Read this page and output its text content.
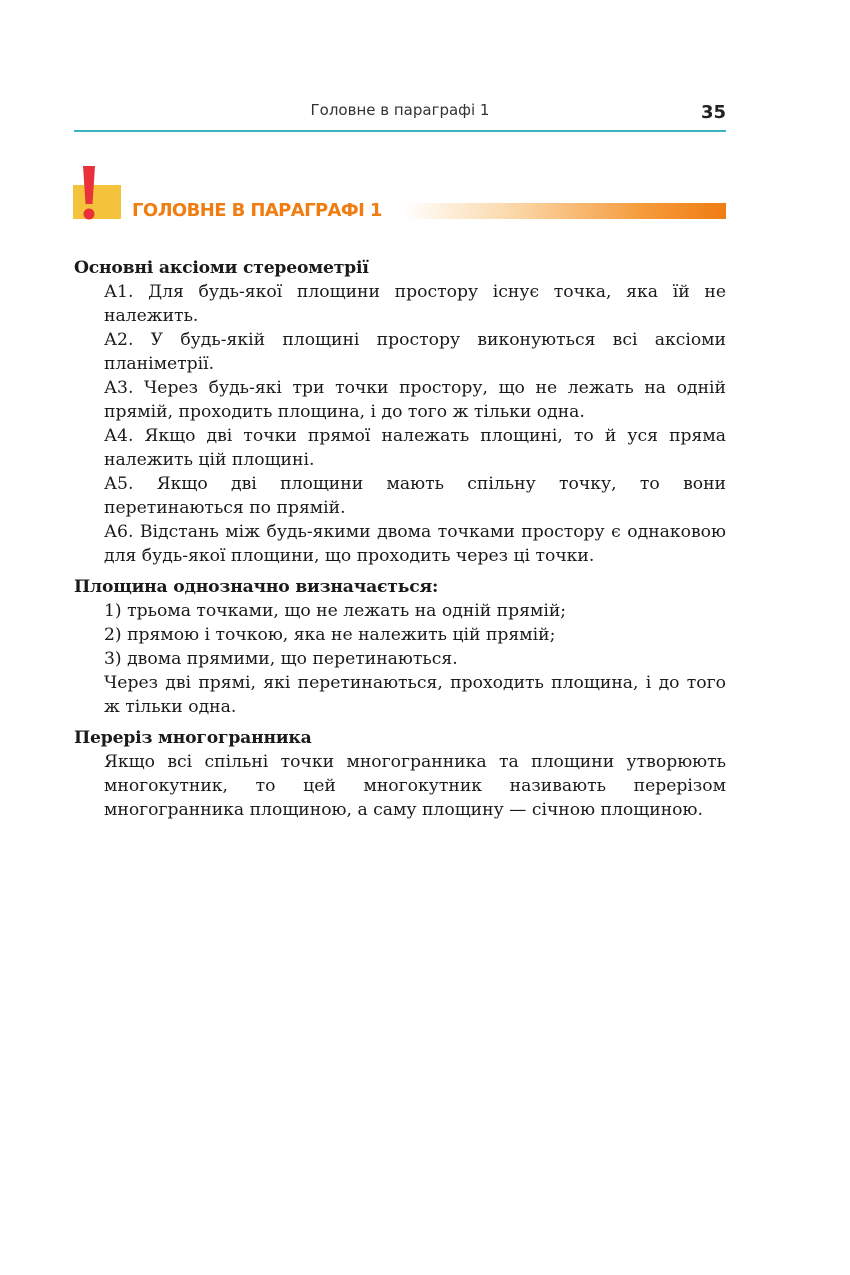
Головне в параграфі 1	35
ГОЛОВНЕ В ПАРАГРАФІ 1
Основні аксіоми стереометрії
А1. Для будь-якої площини простору існує точка, яка їй не належить.
А2. У будь-якій площині простору виконуються всі аксіоми планіметрії.
А3. Через будь-які три точки простору, що не лежать на одній прямій, проходить площина, і до того ж тільки одна.
А4. Якщо дві точки прямої належать площині, то й уся пряма належить цій площині.
А5. Якщо дві площини мають спільну точку, то вони перетинаються по прямій.
А6. Відстань між будь-якими двома точками простору є однаковою для будь-якої площини, що проходить через ці точки.
Площина однозначно визначається:
1) трьома точками, що не лежать на одній прямій;
2) прямою і точкою, яка не належить цій прямій;
3) двома прямими, що перетинаються.
Через дві прямі, які перетинаються, проходить площина, і до того ж тільки одна.
Переріз многогранника
Якщо всі спільні точки многогранника та площини утворюють многокутник, то цей многокутник називають перерізом многогранника площиною, а саму площину — січною площиною.
